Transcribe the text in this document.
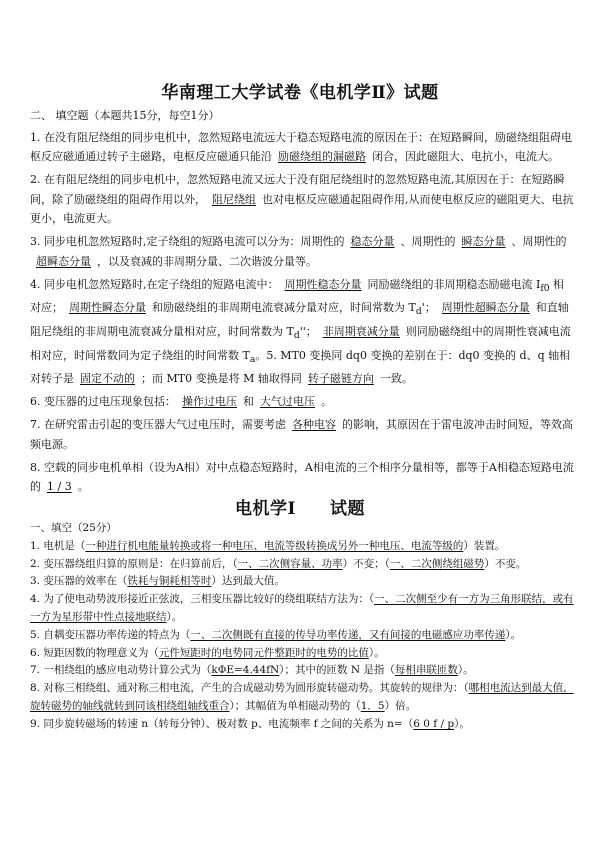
华南理工大学试卷《电机学Ⅱ》试题

二、 填空题（本题共15分，每空1分）

1. 在没有阻尼绕组的同步电机中，忽然短路电流远大于稳态短路电流的原因在于：在短路瞬间，励磁绕组阻碍电枢反应磁通通过转子主磁路，电枢反应磁通只能沿 励磁绕组的漏磁路 闭合，因此磁阻大、电抗小，电流大。

2. 在有阻尼绕组的同步电机中，忽然短路电流又远大于没有阻尼绕组时的忽然短路电流,其原因在于：在短路瞬间，除了励磁绕组的阻碍作用以外， 阻尼绕组 也对电枢反应磁通起阻碍作用,从而使电枢反应的磁阻更大、电抗更小，电流更大。

3. 同步电机忽然短路时,定子绕组的短路电流可以分为：周期性的 稳态分量 、周期性的 瞬态分量 、周期性的超瞬态分量 ，以及衰减的非周期分量、二次谐波分量等。

4. 同步电机忽然短路时,在定子绕组的短路电流中： 周期性稳态分量 同励磁绕组的非周期稳态励磁电流 $I_{f0}$ 相对应； 周期性瞬态分量 和励磁绕组的非周期电流衰减分量对应，时间常数为 $T_d'$； 周期性超瞬态分量 和直轴阻尼绕组的非周期电流衰减分量相对应，时间常数为 $T_d''$； 非周期衰减分量 则同励磁绕组中的周期性衰减电流相对应，时间常数同为定子绕组的时间常数 $T_a$。5. MT0 变换同 dq0 变换的差别在于：dq0 变换的 d、q 轴相对转子是 固定不动的 ；而 MT0 变换是将 M 轴取得同 转子磁链方向 一致。

6. 变压器的过电压现象包括： 操作过电压 和 大气过电压 。

7. 在研究雷击引起的变压器大气过电压时，需要考虑 各种电容 的影响，其原因在于雷电波冲击时间短，等效高频电源。

8. 空载的同步电机单相（设为A相）对中点稳态短路时，A相电流的三个相序分量相等，都等于A相稳态短路电流的 1 / 3 。

电机学Ⅰ 试题

一、填空（25分）

1. 电机是（一种进行机电能量转换或将一种电压、电流等级转换成另外一种电压、电流等级的）装置。

2. 变压器绕组归算的原则是：在归算前后，（一、二次侧容量、功率）不变；（一、二次侧绕组磁势）不变。

3. 变压器的效率在（铁耗与铜耗相等时）达到最大值。

4. 为了使电动势波形接近正弦波，三相变压器比较好的绕组联结方法为：（一、二次侧至少有一方为三角形联结，或有一方为星形带中性点接地联结）。

5. 自耦变压器功率传递的特点为（一、二次侧既有直接的传导功率传递，又有间接的电磁感应功率传递）。

6. 短距因数的物理意义为（元件短距时的电势同元件整距时的电势的比值）。

7. 一相绕组的感应电动势计算公式为（kΦE=4.44fN）；其中的匝数 N 是指（每相串联匝数）。

8. 对称三相绕组、通对称三相电流，产生的合成磁动势为圆形旋转磁动势。其旋转的规律为：（哪相电流达到最大值，旋转磁势的轴线就转到同该相绕组轴线重合）；其幅值为单相磁动势的（1．5）倍。

9. 同步旋转磁场的转速 n（转每分钟）、极对数 p、电流频率 f 之间的关系为 n=（6 0 f / p）。
